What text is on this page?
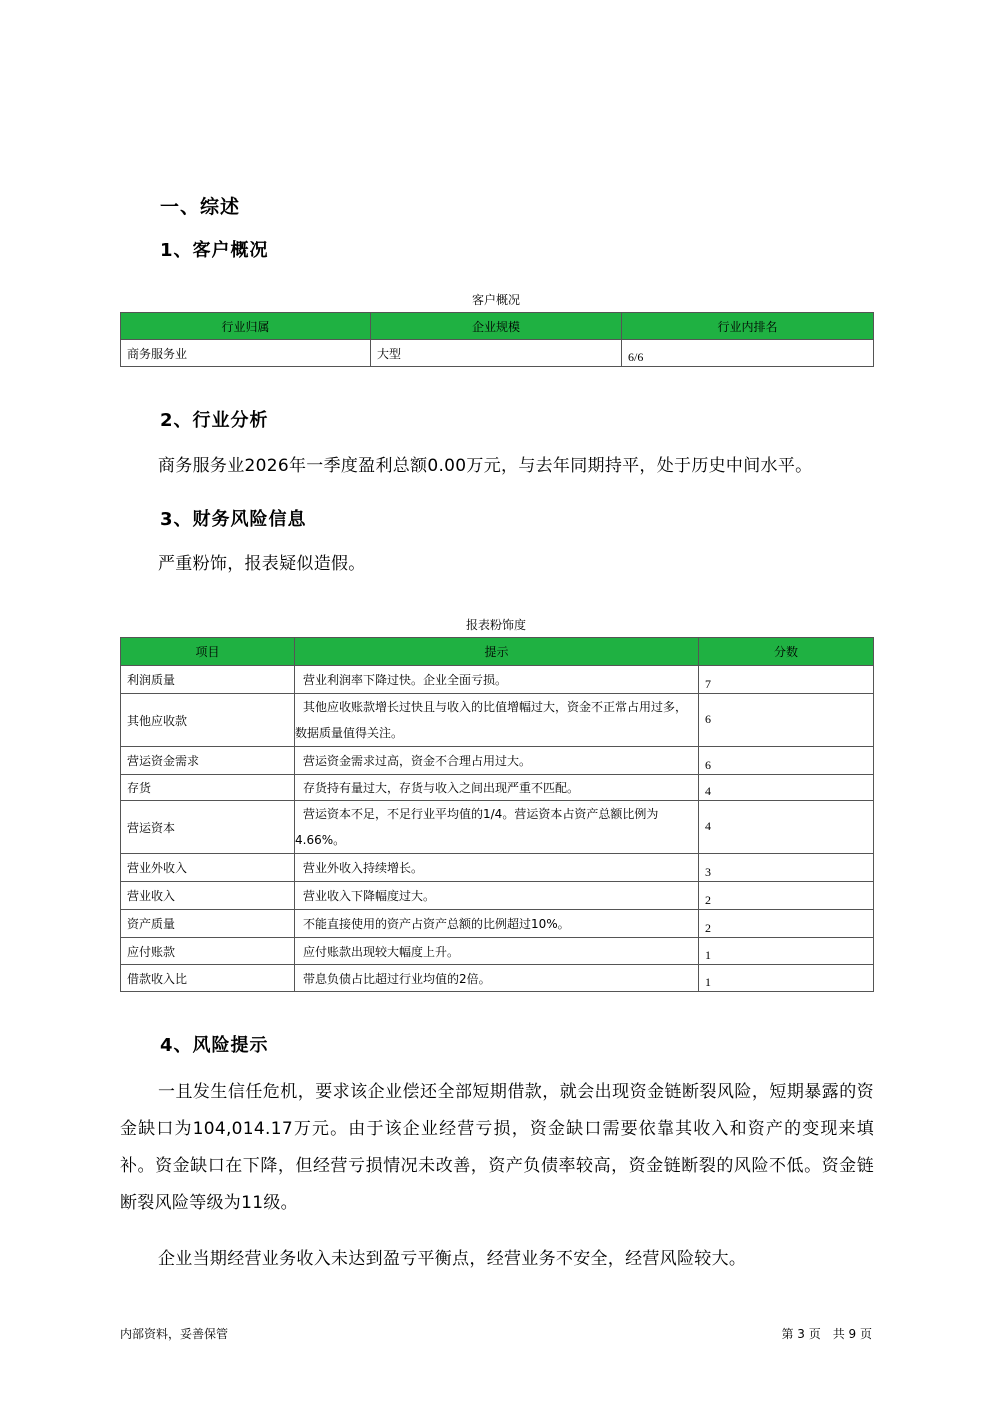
一、综述
1、客户概况
客户概况
行业归属	企业规模	行业内排名
商务服务业	大型	6/6
2、行业分析
商务服务业2026年一季度盈利总额0.00万元，与去年同期持平，处于历史中间水平。
3、财务风险信息
严重粉饰，报表疑似造假。
报表粉饰度
项目	提示	分数
利润质量	营业利润率下降过快。企业全面亏损。	7
其他应收款	其他应收账款增长过快且与收入的比值增幅过大，资金不正常占用过多，数据质量值得关注。	6
营运资金需求	营运资金需求过高，资金不合理占用过大。	6
存货	存货持有量过大，存货与收入之间出现严重不匹配。	4
营运资本	营运资本不足，不足行业平均值的1/4。营运资本占资产总额比例为4.66%。	4
营业外收入	营业外收入持续增长。	3
营业收入	营业收入下降幅度过大。	2
资产质量	不能直接使用的资产占资产总额的比例超过10%。	2
应付账款	应付账款出现较大幅度上升。	1
借款收入比	带息负债占比超过行业均值的2倍。	1
4、风险提示
一且发生信任危机，要求该企业偿还全部短期借款，就会出现资金链断裂风险，短期暴露的资金缺口为104,014.17万元。由于该企业经营亏损，资金缺口需要依靠其收入和资产的变现来填补。资金缺口在下降，但经营亏损情况未改善，资产负债率较高，资金链断裂的风险不低。资金链断裂风险等级为11级。
企业当期经营业务收入未达到盈亏平衡点，经营业务不安全，经营风险较大。
内部资料，妥善保管	第 3 页　共 9 页
